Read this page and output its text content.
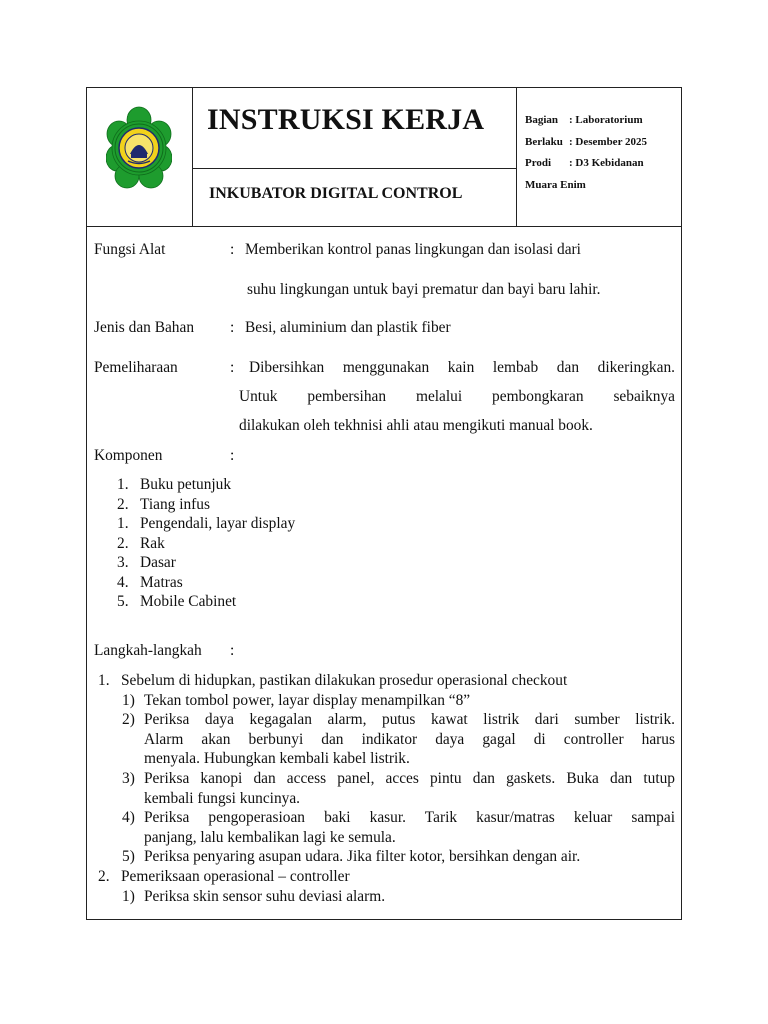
INSTRUKSI KERJA
INKUBATOR DIGITAL CONTROL
Bagian : Laboratorium
Berlaku : Desember 2025
Prodi : D3 Kebidanan
Muara Enim
Fungsi Alat	: Memberikan kontrol panas lingkungan dan isolasi dari
suhu lingkungan untuk bayi prematur dan bayi baru lahir.
Jenis dan Bahan : Besi, aluminium dan plastik fiber
Pemeliharaan	: Dibersihkan menggunakan kain lembab dan dikeringkan.
Untuk pembersihan melalui pembongkaran sebaiknya
dilakukan oleh tekhnisi ahli atau mengikuti manual book.
Komponen	:
1. Buku petunjuk
2. Tiang infus
1. Pengendali, layar display
2. Rak
3. Dasar
4. Matras
5. Mobile Cabinet
Langkah-langkah :
1. Sebelum di hidupkan, pastikan dilakukan prosedur operasional checkout
1) Tekan tombol power, layar display menampilkan “8”
2) Periksa daya kegagalan alarm, putus kawat listrik dari sumber listrik.
Alarm akan berbunyi dan indikator daya gagal di controller harus
menyala. Hubungkan kembali kabel listrik.
3) Periksa kanopi dan access panel, acces pintu dan gaskets. Buka dan tutup
kembali fungsi kuncinya.
4) Periksa pengoperasioan baki kasur. Tarik kasur/matras keluar sampai
panjang, lalu kembalikan lagi ke semula.
5) Periksa penyaring asupan udara. Jika filter kotor, bersihkan dengan air.
2. Pemeriksaan operasional – controller
1) Periksa skin sensor suhu deviasi alarm.
